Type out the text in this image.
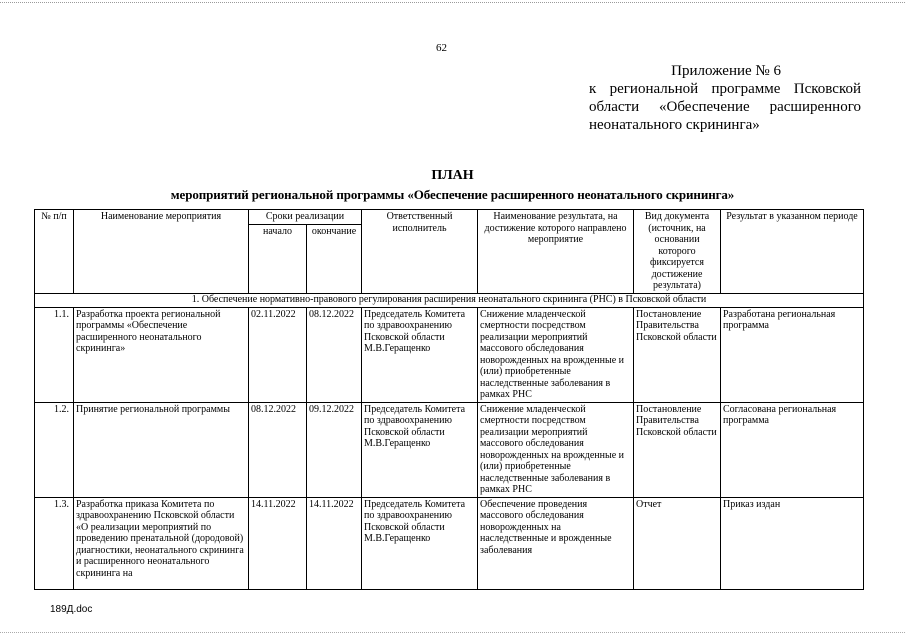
62
Приложение № 6
к региональной программе Псковской области «Обеспечение расширенного неонатального скрининга»
ПЛАН
мероприятий региональной программы «Обеспечение расширенного неонатального скрининга»
№ п/п	Наименование мероприятия	Сроки реализации		Ответственный исполнитель	Наименование результата, на достижение которого направлено мероприятие	Вид документа (источник, на основании которого фиксируется достижение результата)	Результат в указанном периоде
		начало	окончание				
1. Обеспечение нормативно-правового регулирования расширения неонатального скрининга (РНС) в Псковской области							
1.1.	Разработка проекта региональной программы «Обеспечение расширенного неонатального скрининга»	02.11.2022	08.12.2022	Председатель Комитета по здравоохранению Псковской области М.В.Геращенко	Снижение младенческой смертности посредством реализации мероприятий массового обследования новорожденных на врожденные и (или) приобретенные наследственные заболевания в рамках РНС	Постановление Правительства Псковской области	Разработана региональная программа
1.2.	Принятие региональной программы	08.12.2022	09.12.2022	Председатель Комитета по здравоохранению Псковской области М.В.Геращенко	Снижение младенческой смертности посредством реализации мероприятий массового обследования новорожденных на врожденные и (или) приобретенные наследственные заболевания в рамках РНС	Постановление Правительства Псковской области	Согласована региональная программа
1.3.	Разработка приказа Комитета по здравоохранению Псковской области «О реализации мероприятий по проведению пренатальной (дородовой) диагностики, неонатального скрининга и расширенного неонатального скрининга на	14.11.2022	14.11.2022	Председатель Комитета по здравоохранению Псковской области М.В.Геращенко	Обеспечение проведения массового обследования новорожденных на наследственные и врожденные заболевания	Отчет	Приказ издан
189Д.doc
